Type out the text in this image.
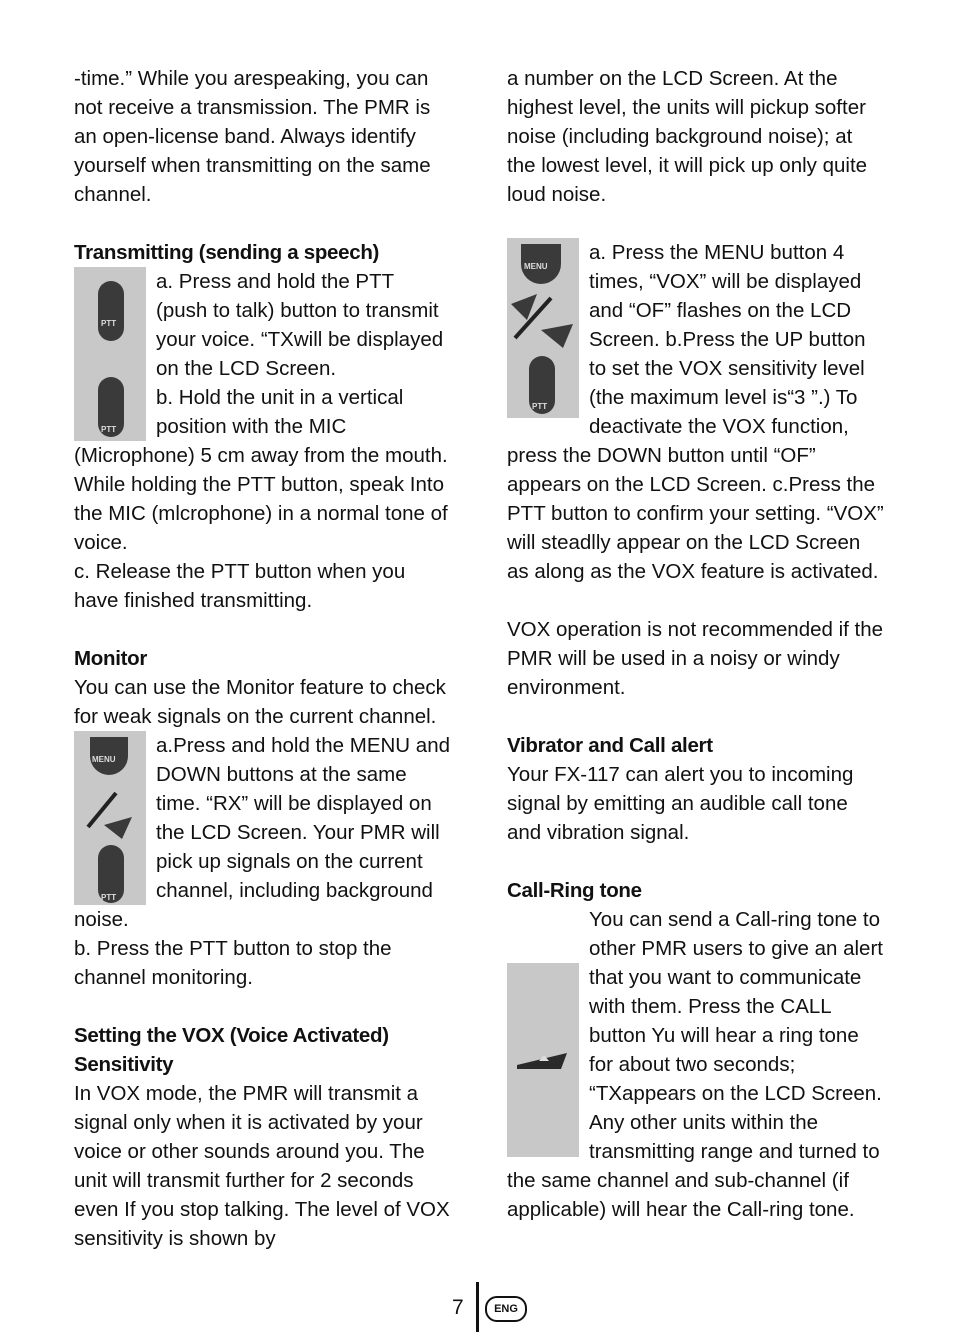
-time.” While you arespeaking, you can not receive a transmission. The PMR is an open-license band. Always identify yourself when transmitting on the same channel.

Transmitting (sending a speech)
PTT
PTT

a. Press and hold the PTT (push to talk) button to transmit your voice. “TXwill be displayed on the LCD Screen.

b. Hold the unit in a vertical position with the MIC (Microphone) 5 cm away from the mouth. While holding the PTT button, speak Into the MIC (mlcrophone) in a normal tone of voice.

c. Release the PTT button when you have finished transmitting.

Monitor

You can use the Monitor feature to check for weak signals on the current channel.

MENU
PTT

a.Press and hold the MENU and DOWN buttons at the same time. “RX” will be displayed on the LCD Screen. Your PMR will pick up signals on the current channel, including background noise.

b. Press the PTT button to stop the channel monitoring.

Setting the VOX (Voice Activated)
Sensitivity

In VOX mode, the PMR will transmit a signal only when it is activated by your voice or other sounds around you. The unit will transmit further for 2 seconds even If you stop talking. The level of VOX sensitivity is shown by

a number on the LCD Screen. At the highest level, the units will pickup softer noise (including background noise); at the lowest level, it will pick up only quite loud noise.

MENU
PTT

a. Press the MENU button 4 times, “VOX” will be displayed and “OF” flashes on the LCD Screen. b.Press the UP button to set the VOX sensitivity level (the maximum level is“3 ”.) To deactivate the VOX function, press the DOWN button until “OF” appears on the LCD Screen. c.Press the PTT button to confirm your setting. “VOX” will steadlly appear on the LCD Screen as along as the VOX feature is activated.

VOX operation is not recommended if the PMR will be used in a noisy or windy environment.

Vibrator and Call alert

Your FX-117 can alert you to incoming signal by emitting an audible call tone and vibration signal.

Call-Ring tone

You can send a Call-ring tone to other PMR users to give an alert that you want to communicate with them. Press the CALL button Yu will hear a ring tone for about two seconds; “TXappears on the LCD Screen. Any other units within the transmitting range and turned to the same channel and sub-channel (if applicable) will hear the Call-ring tone.

7	ENG
